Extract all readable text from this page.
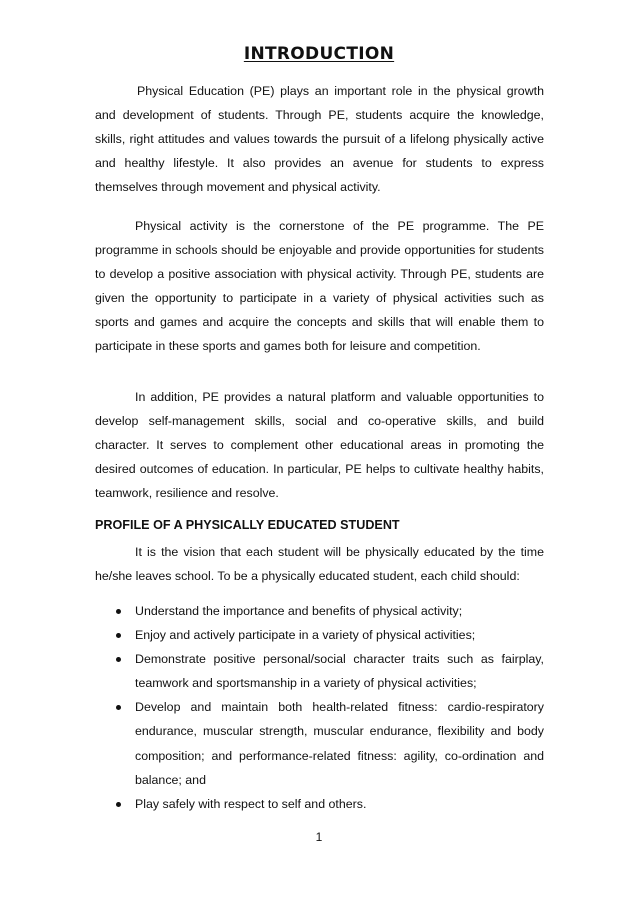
INTRODUCTION

Physical Education (PE) plays an important role in the physical growth and development of students. Through PE, students acquire the knowledge, skills, right attitudes and values towards the pursuit of a lifelong physically active and healthy lifestyle. It also provides an avenue for students to express themselves through movement and physical activity.

Physical activity is the cornerstone of the PE programme. The PE programme in schools should be enjoyable and provide opportunities for students to develop a positive association with physical activity. Through PE, students are given the opportunity to participate in a variety of physical activities such as sports and games and acquire the concepts and skills that will enable them to participate in these sports and games both for leisure and competition.

In addition, PE provides a natural platform and valuable opportunities to develop self-management skills, social and co-operative skills, and build character. It serves to complement other educational areas in promoting the desired outcomes of education. In particular, PE helps to cultivate healthy habits, teamwork, resilience and resolve.

PROFILE OF A PHYSICALLY EDUCATED STUDENT

It is the vision that each student will be physically educated by the time he/she leaves school. To be a physically educated student, each child should:

Understand the importance and benefits of physical activity;
Enjoy and actively participate in a variety of physical activities;
Demonstrate positive personal/social character traits such as fairplay, teamwork and sportsmanship in a variety of physical activities;
Develop and maintain both health-related fitness: cardio-respiratory endurance, muscular strength, muscular endurance, flexibility and body composition; and performance-related fitness: agility, co-ordination and balance; and
Play safely with respect to self and others.
1
